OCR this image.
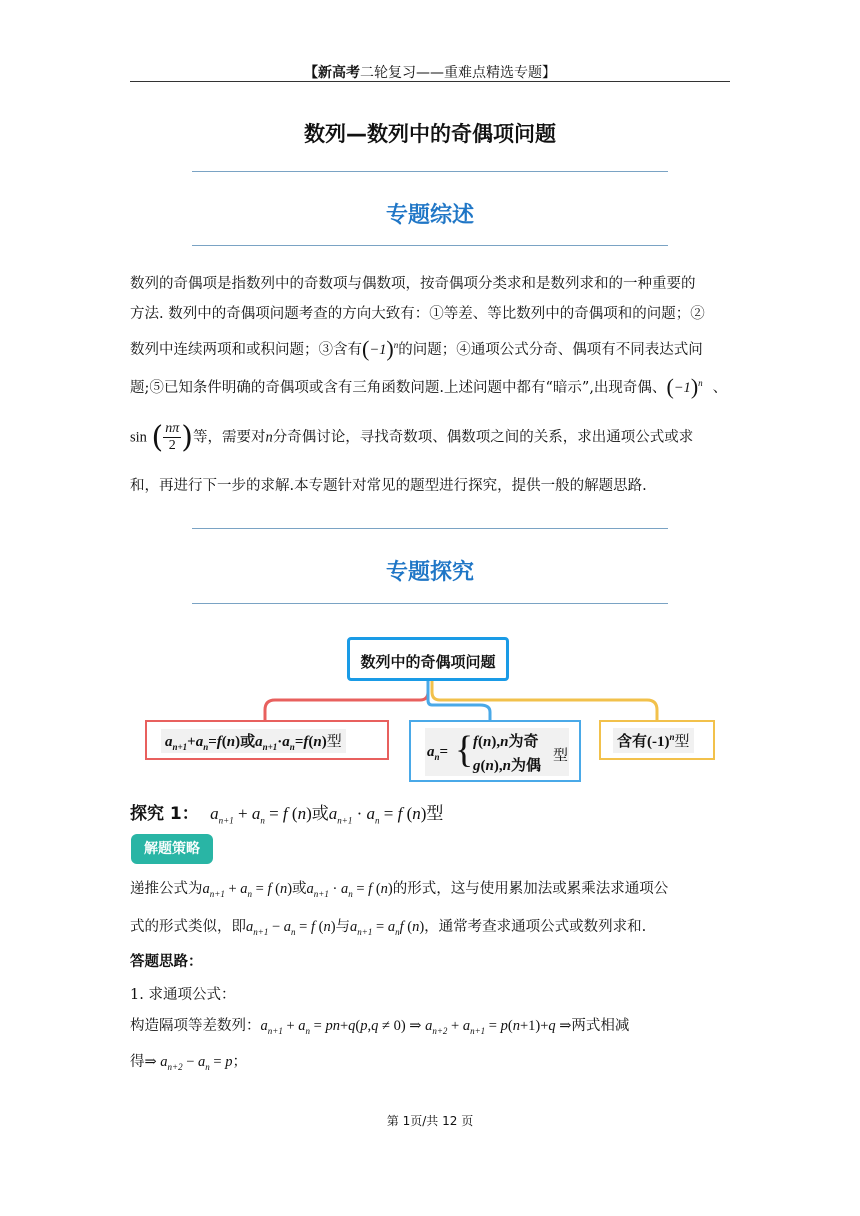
【新高考二轮复习——重难点精选专题】
数列—数列中的奇偶项问题
专题综述
数列的奇偶项是指数列中的奇数项与偶数项，按奇偶项分类求和是数列求和的一种重要的
方法. 数列中的奇偶项问题考查的方向大致有：①等差、等比数列中的奇偶项和的问题；②
数列中连续两项和或积问题；③含有$(-1)^n$的问题；④通项公式分奇、偶项有不同表达式问
题;⑤已知条件明确的奇偶项或含有三角函数问题.上述问题中都有“暗示”,出现奇偶、$(-1)^n$ 、
sin ( $\frac{n\pi}{2}$ )等，需要对n分奇偶讨论，寻找奇数项、偶数项之间的关系，求出通项公式或求
和，再进行下一步的求解.本专题针对常见的题型进行探究，提供一般的解题思路.
专题探究
数列中的奇偶项问题
$a_{n+1}+a_n=f(n)$或$a_{n+1}\cdot a_n=f(n)$型
$a_n=$ { f(n),n为奇
g(n),n为偶
型
含有$(-1)^n$型
探究 1： $a_{n+1} + a_n = f$ (n)或$a_{n+1} \cdot a_n = f$ (n)型
解题策略
递推公式为$a_{n+1} + a_n = f$ (n)或$a_{n+1} \cdot a_n = f$ (n)的形式，这与使用累加法或累乘法求通项公
式的形式类似，即$a_{n+1} - a_n = f$ (n)与$a_{n+1} = a_nf$ (n)，通常考查求通项公式或数列求和.
答题思路：
1. 求通项公式：
构造隔项等差数列：$a_{n+1} + a_n = pn+q(p,q \ne 0)$ ⇒ $a_{n+2} + a_{n+1} = p(n+1)+q$ ⇒两式相减
得⇒ $a_{n+2} - a_n = p$；
第 1页/共 12 页
